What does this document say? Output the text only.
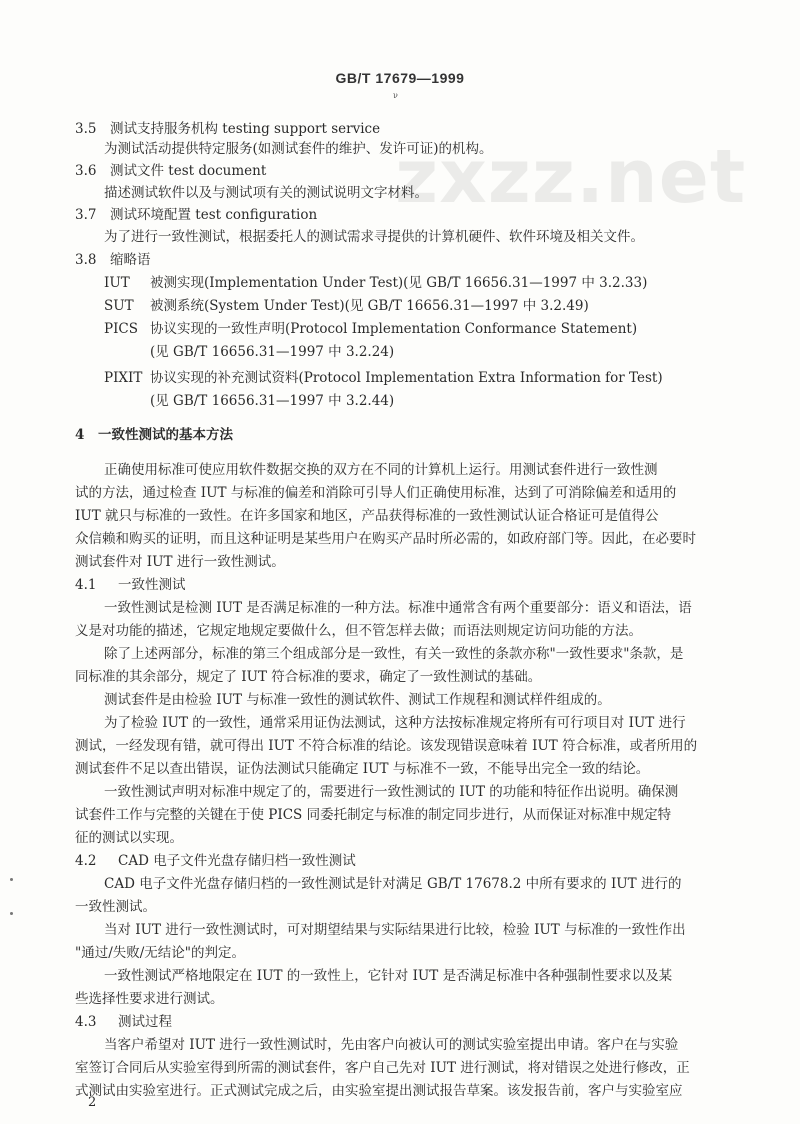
GB/T 17679—1999
ν
zxzz.net
3.5 测试支持服务机构 testing support service
为测试活动提供特定服务(如测试套件的维护、发许可证)的机构。
3.6 测试文件 test document
描述测试软件以及与测试项有关的测试说明文字材料。
3.7 测试环境配置 test configuration
为了进行一致性测试，根据委托人的测试需求寻提供的计算机硬件、软件环境及相关文件。
3.8 缩略语
IUT 被测实现(Implementation Under Test)(见 GB/T 16656.31—1997 中 3.2.33)
SUT 被测系统(System Under Test)(见 GB/T 16656.31—1997 中 3.2.49)
PICS 协议实现的一致性声明(Protocol Implementation Conformance Statement)
(见 GB/T 16656.31—1997 中 3.2.24)
PIXIT 协议实现的补充测试资料(Protocol Implementation Extra Information for Test)
(见 GB/T 16656.31—1997 中 3.2.44)
4 一致性测试的基本方法
正确使用标准可使应用软件数据交换的双方在不同的计算机上运行。用测试套件进行一致性测
试的方法，通过检查 IUT 与标准的偏差和消除可引导人们正确使用标准，达到了可消除偏差和适用的
IUT 就只与标准的一致性。在许多国家和地区，产品获得标准的一致性测试认证合格证可是值得公
众信赖和购买的证明，而且这种证明是某些用户在购买产品时所必需的，如政府部门等。因此，在必要时
测试套件对 IUT 进行一致性测试。
4.1 一致性测试
一致性测试是检测 IUT 是否满足标准的一种方法。标准中通常含有两个重要部分：语义和语法，语
义是对功能的描述，它规定地规定要做什么，但不管怎样去做；而语法则规定访问功能的方法。
除了上述两部分，标准的第三个组成部分是一致性，有关一致性的条款亦称"一致性要求"条款，是
同标准的其余部分，规定了 IUT 符合标准的要求，确定了一致性测试的基础。
测试套件是由检验 IUT 与标准一致性的测试软件、测试工作规程和测试样件组成的。
为了检验 IUT 的一致性，通常采用证伪法测试，这种方法按标准规定将所有可行项目对 IUT 进行
测试，一经发现有错，就可得出 IUT 不符合标准的结论。该发现错误意味着 IUT 符合标准，或者所用的
测试套件不足以查出错误，证伪法测试只能确定 IUT 与标准不一致，不能导出完全一致的结论。
一致性测试声明对标准中规定了的，需要进行一致性测试的 IUT 的功能和特征作出说明。确保测
试套件工作与完整的关键在于使 PICS 同委托制定与标准的制定同步进行，从而保证对标准中规定特
征的测试以实现。
4.2 CAD 电子文件光盘存储归档一致性测试
CAD 电子文件光盘存储归档的一致性测试是针对满足 GB/T 17678.2 中所有要求的 IUT 进行的
一致性测试。
当对 IUT 进行一致性测试时，可对期望结果与实际结果进行比较，检验 IUT 与标准的一致性作出
"通过/失败/无结论"的判定。
一致性测试严格地限定在 IUT 的一致性上，它针对 IUT 是否满足标准中各种强制性要求以及某
些选择性要求进行测试。
4.3 测试过程
当客户希望对 IUT 进行一致性测试时，先由客户向被认可的测试实验室提出申请。客户在与实验
室签订合同后从实验室得到所需的测试套件，客户自己先对 IUT 进行测试，将对错误之处进行修改，正
式测试由实验室进行。正式测试完成之后，由实验室提出测试报告草案。该发报告前，客户与实验室应
2
